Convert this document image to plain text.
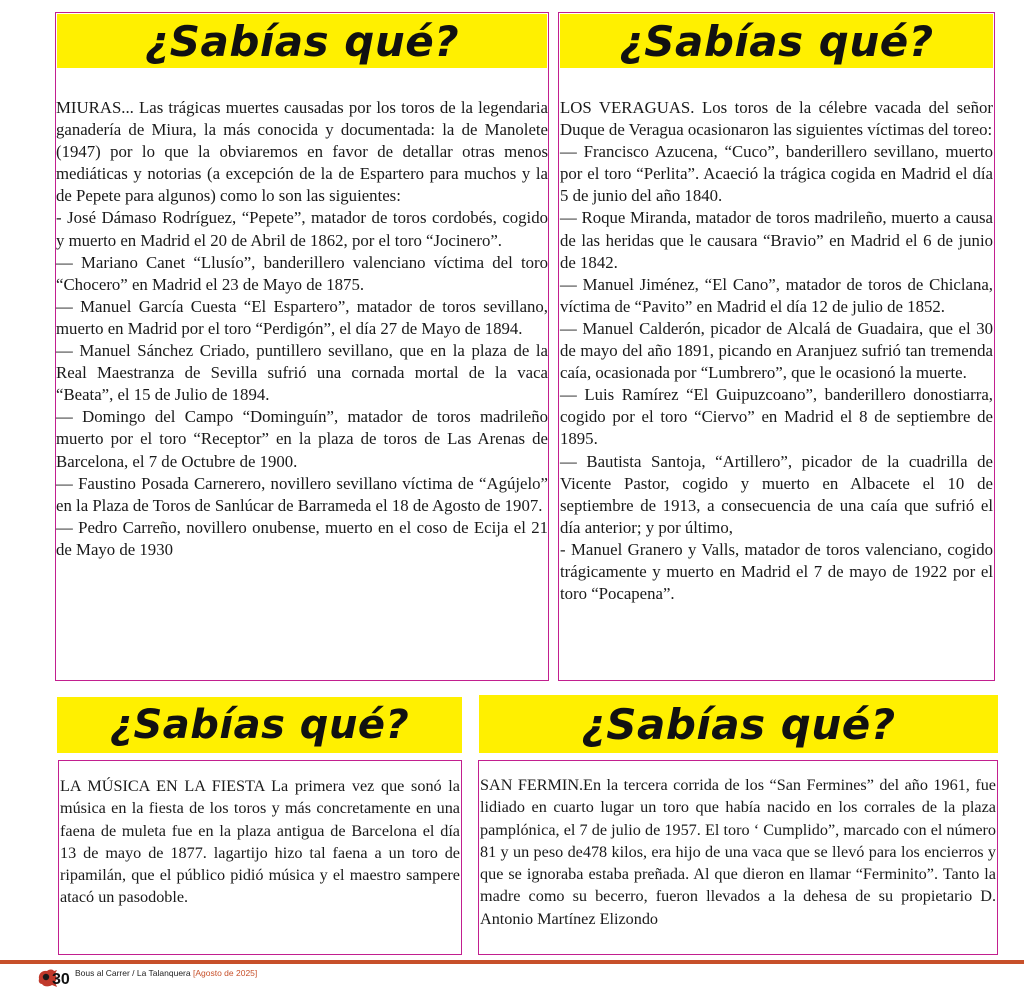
¿Sabías qué?

MIURAS... Las trágicas muertes causadas por los toros de la legendaria ganadería de Miura, la más conocida y documentada: la de Manolete (1947) por lo que la obviaremos en favor de detallar otras menos mediáticas y notorias (a excepción de la de Espartero para muchos y la de Pepete para algunos) como lo son las siguientes:

- José Dámaso Rodríguez, “Pepete”, matador de toros cordobés, cogido y muerto en Madrid el 20 de Abril de 1862, por el toro “Jocinero”.

— Mariano Canet “Llusío”, banderillero valenciano víctima del toro “Chocero” en Madrid el 23 de Mayo de 1875.

— Manuel García Cuesta “El Espartero”, matador de toros sevillano, muerto en Madrid por el toro “Perdigón”, el día 27 de Mayo de 1894.

— Manuel Sánchez Criado, puntillero sevillano, que en la plaza de la Real Maestranza de Sevilla sufrió una cornada mortal de la vaca “Beata”, el 15 de Julio de 1894.

— Domingo del Campo “Dominguín”, matador de toros madrileño muerto por el toro “Receptor” en la plaza de toros de Las Arenas de Barcelona, el 7 de Octubre de 1900.

— Faustino Posada Carnerero, novillero sevillano víctima de “Agújelo” en la Plaza de Toros de Sanlúcar de Barrameda el 18 de Agosto de 1907.

— Pedro Carreño, novillero onubense, muerto en el coso de Ecija el 21 de Mayo de 1930

¿Sabías qué?

LOS VERAGUAS. Los toros de la célebre vacada del señor Duque de Veragua ocasionaron las siguientes víctimas del toreo:

— Francisco Azucena, “Cuco”, banderillero sevillano, muerto por el toro “Perlita”. Acaeció la trágica cogida en Madrid el día 5 de junio del año 1840.

— Roque Miranda, matador de toros madrileño, muerto a causa de las heridas que le causara “Bravio” en Madrid el 6 de junio de 1842.

— Manuel Jiménez, “El Cano”, matador de toros de Chiclana, víctima de “Pavito” en Madrid el día 12 de julio de 1852.

— Manuel Calderón, picador de Alcalá de Guadaira, que el 30 de mayo del año 1891, picando en Aranjuez sufrió tan tremenda caía, ocasionada por “Lumbrero”, que le ocasionó la muerte.

— Luis Ramírez “El Guipuzcoano”, banderillero donostiarra, cogido por el toro “Ciervo” en Madrid el 8 de septiembre de 1895.

— Bautista Santoja, “Artillero”, picador de la cuadrilla de Vicente Pastor, cogido y muerto en Albacete el 10 de septiembre de 1913, a consecuencia de una caía que sufrió el día anterior; y por último,

- Manuel Granero y Valls, matador de toros valenciano, cogido trágicamente y muerto en Madrid el 7 de mayo de 1922 por el toro “Pocapena”.

¿Sabías qué?

LA MÚSICA EN LA FIESTA La primera vez que sonó la música en la fiesta de los toros y más concretamente en una faena de muleta fue en la plaza antigua de Barcelona el día 13 de mayo de 1877. lagartijo hizo tal faena a un toro de ripamilán, que el público pidió música y el maestro sampere atacó un pasodoble.

¿Sabías qué?

SAN FERMIN.En la tercera corrida de los “San Fermines” del año 1961, fue lidiado en cuarto lugar un toro que había nacido en los corrales de la plaza pamplónica, el 7 de julio de 1957. El toro ‘ Cumplido”, marcado con el número 81 y un peso de478 kilos, era hijo de una vaca que se llevó para los encierros y que se ignoraba estaba preñada. Al que dieron en llamar “Ferminito”. Tanto la madre como su becerro, fueron llevados a la dehesa de su propietario D. Antonio Martínez Elizondo

30 Bous al Carrer / La Talanquera [Agosto de 2025]
